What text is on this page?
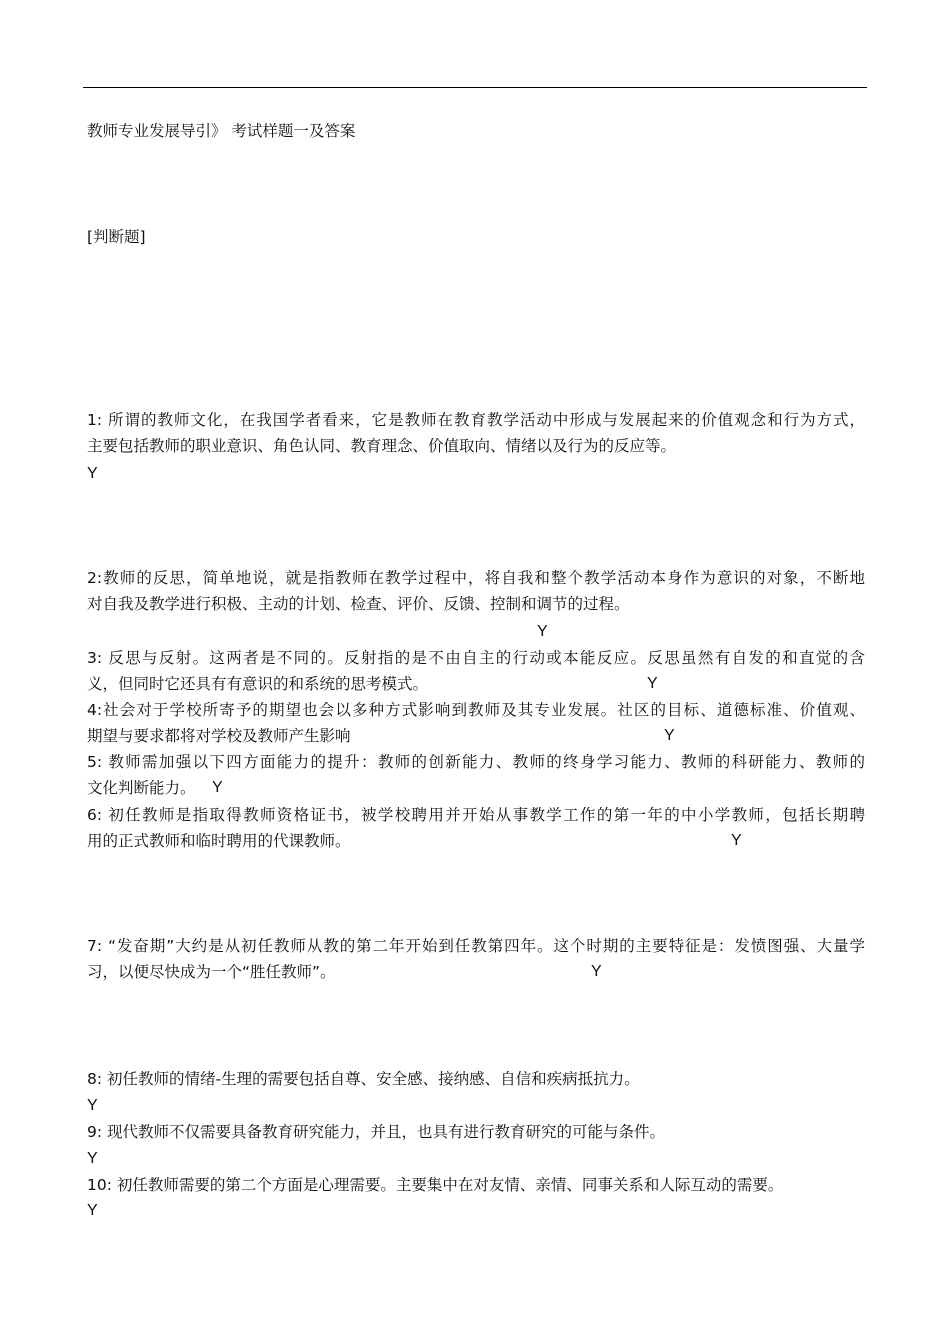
教师专业发展导引》 考试样题一及答案
[判断题]
1: 所谓的教师文化，在我国学者看来，它是教师在教育教学活动中形成与发展起来的价值观念和行为方式，
主要包括教师的职业意识、角色认同、教育理念、价值取向、情绪以及行为的反应等。
Y
2:教师的反思，简单地说，就是指教师在教学过程中，将自我和整个教学活动本身作为意识的对象，不断地
对自我及教学进行积极、主动的计划、检查、评价、反馈、控制和调节的过程。
Y
3: 反思与反射。这两者是不同的。反射指的是不由自主的行动或本能反应。反思虽然有自发的和直觉的含
义，但同时它还具有有意识的和系统的思考模式。	Y
4:社会对于学校所寄予的期望也会以多种方式影响到教师及其专业发展。社区的目标、道德标准、价值观、
期望与要求都将对学校及教师产生影响	Y
5: 教师需加强以下四方面能力的提升：教师的创新能力、教师的终身学习能力、教师的科研能力、教师的
文化判断能力。	Y
6: 初任教师是指取得教师资格证书，被学校聘用并开始从事教学工作的第一年的中小学教师，包括长期聘
用的正式教师和临时聘用的代课教师。	Y
7: “发奋期”大约是从初任教师从教的第二年开始到任教第四年。这个时期的主要特征是：发愤图强、大量学
习，以便尽快成为一个“胜任教师”。	Y
8: 初任教师的情绪-生理的需要包括自尊、安全感、接纳感、自信和疾病抵抗力。
Y
9: 现代教师不仅需要具备教育研究能力，并且，也具有进行教育研究的可能与条件。
Y
10: 初任教师需要的第二个方面是心理需要。主要集中在对友情、亲情、同事关系和人际互动的需要。
Y
